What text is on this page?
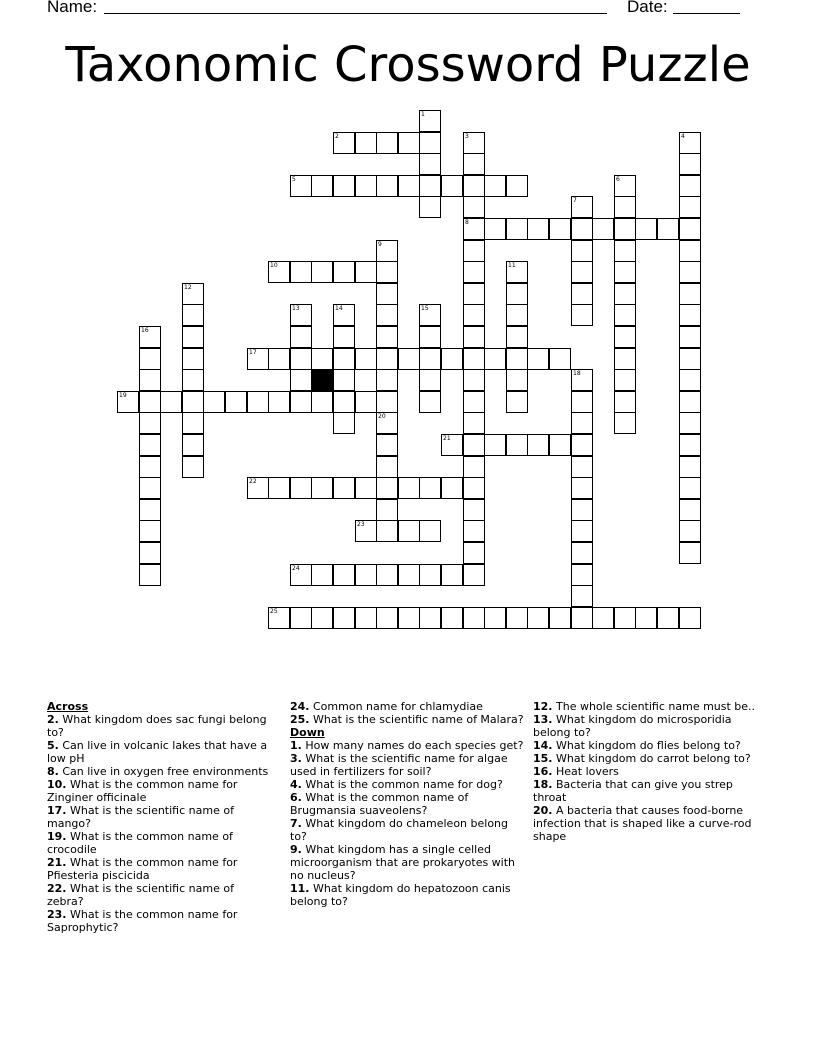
Name:	Date:
Taxonomic Crossword Puzzle
1
2	3	4
5	6
7
8
9
10	11
12
13	14	15
16
17
18
19
20
21
22
23
24
25
Across
2. What kingdom does sac fungi belong to?
5. Can live in volcanic lakes that have a low pH
8. Can live in oxygen free environments
10. What is the common name for Zinginer officinale
17. What is the scientific name of mango?
19. What is the common name of crocodile
21. What is the common name for Pfiesteria piscicida
22. What is the scientific name of zebra?
23. What is the common name for Saprophytic?
24. Common name for chlamydiae
25. What is the scientific name of Malara?
Down
1. How many names do each species get?
3. What is the scientific name for algae used in fertilizers for soil?
4. What is the common name for dog?
6. What is the common name of Brugmansia suaveolens?
7. What kingdom do chameleon belong to?
9. What kingdom has a single celled microorganism that are prokaryotes with no nucleus?
11. What kingdom do hepatozoon canis belong to?
12. The whole scientific name must be..
13. What kingdom do microsporidia belong to?
14. What kingdom do flies belong to?
15. What kingdom do carrot belong to?
16. Heat lovers
18. Bacteria that can give you strep throat
20. A bacteria that causes food-borne infection that is shaped like a curve-rod shape
